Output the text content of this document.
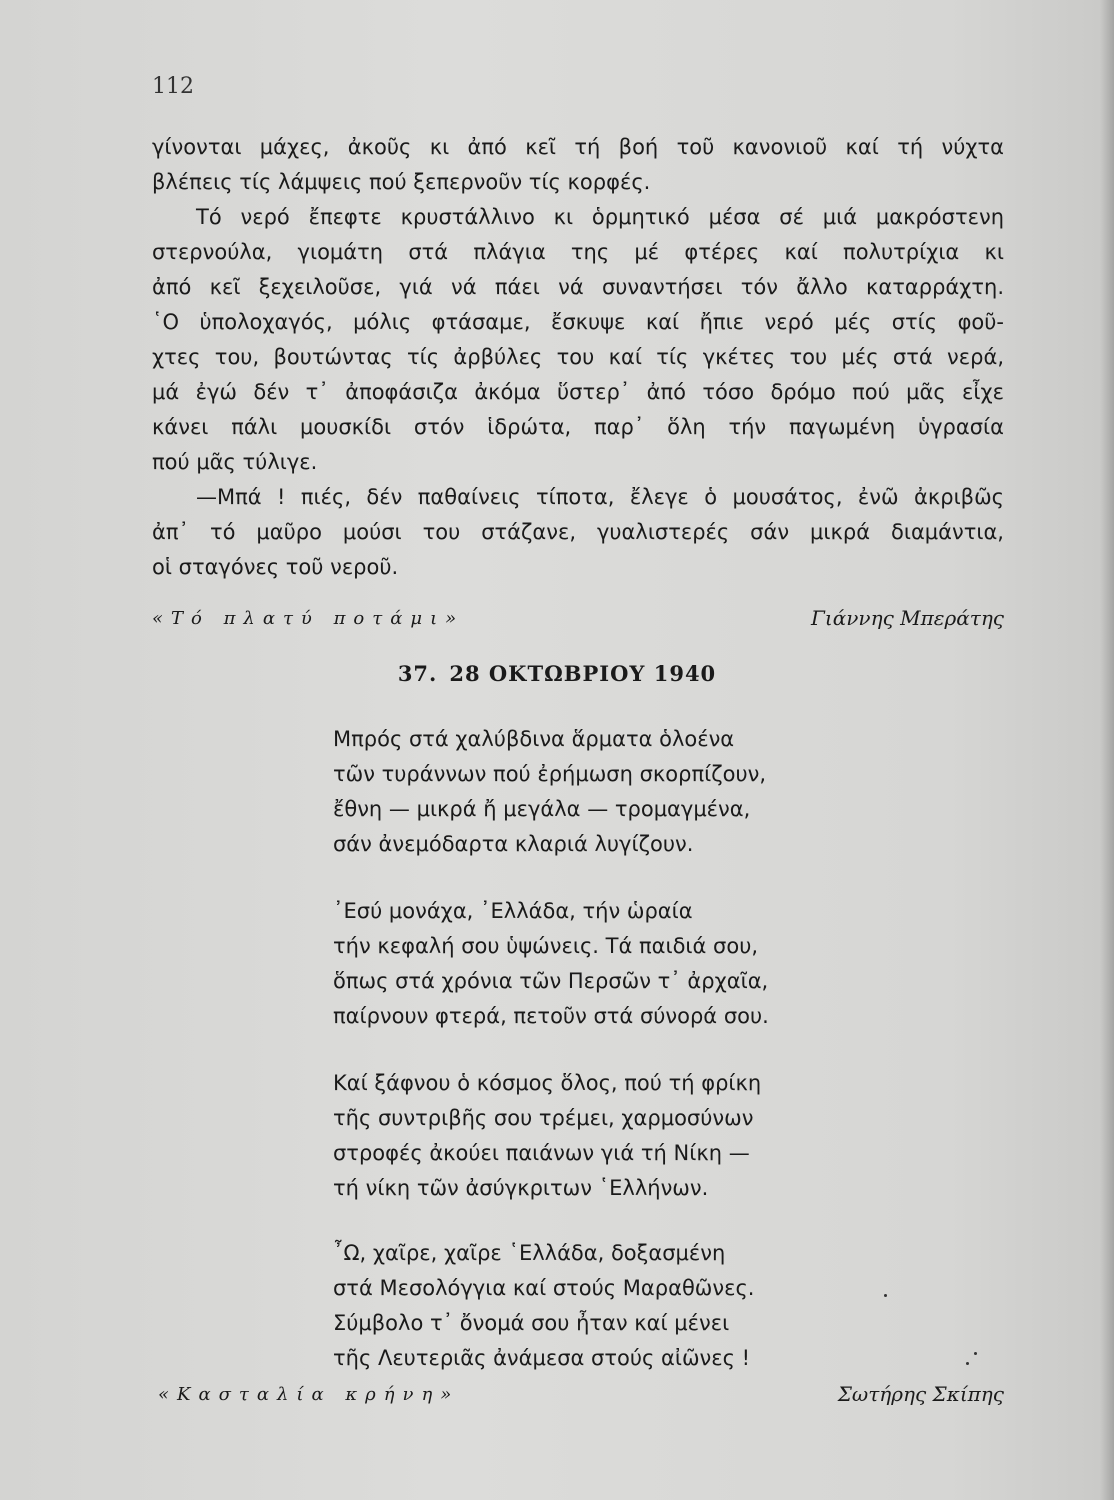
112

γίνονται μάχες, ἀκοῦς κι ἀπό κεῖ τή βοή τοῦ κανονιοῦ καί τή νύχτα
βλέπεις τίς λάμψεις πού ξεπερνοῦν τίς κορφές.

Τό νερό ἔπεφτε κρυστάλλινο κι ὁρμητικό μέσα σέ μιά μακρόστενη
στερνούλα, γιομάτη στά πλάγια της μέ φτέρες καί πολυτρίχια κι
ἀπό κεῖ ξεχειλοῦσε, γιά νά πάει νά συναντήσει τόν ἄλλο καταρράχτη.
῾Ο ὑπολοχαγός, μόλις φτάσαμε, ἔσκυψε καί ἤπιε νερό μές στίς φοῦ-
χτες του, βουτώντας τίς ἀρβύλες του καί τίς γκέτες του μές στά νερά,
μά ἐγώ δέν τ᾽ ἀποφάσιζα ἀκόμα ὕστερ᾽ ἀπό τόσο δρόμο πού μᾶς εἶχε
κάνει πάλι μουσκίδι στόν ἱδρώτα, παρ᾽ ὅλη τήν παγωμένη ὑγρασία
πού μᾶς τύλιγε.

—Μπά ! πιές, δέν παθαίνεις τίποτα, ἔλεγε ὁ μουσάτος, ἐνῶ ἀκριβῶς
ἀπ᾽ τό μαῦρο μούσι του στάζανε, γυαλιστερές σάν μικρά διαμάντια,
οἱ σταγόνες τοῦ νεροῦ.

«Τό πλατύ ποτάμι»	Γιάννης Μπεράτης
37. 28 ΟΚΤΩΒΡΙΟΥ 1940
Μπρός στά χαλύβδινα ἅρματα ὁλοένα
τῶν τυράννων πού ἐρήμωση σκορπίζουν,
ἔθνη — μικρά ἤ μεγάλα — τρομαγμένα,
σάν ἀνεμόδαρτα κλαριά λυγίζουν.
᾽Εσύ μονάχα, ᾽Ελλάδα, τήν ὡραία
τήν κεφαλή σου ὑψώνεις. Τά παιδιά σου,
ὅπως στά χρόνια τῶν Περσῶν τ᾽ ἀρχαῖα,
παίρνουν φτερά, πετοῦν στά σύνορά σου.
Καί ξάφνου ὁ κόσμος ὅλος, πού τή φρίκη
τῆς συντριβῆς σου τρέμει, χαρμοσύνων
στροφές ἀκούει παιάνων γιά τή Νίκη —
τή νίκη τῶν ἀσύγκριτων ῾Ελλήνων.
῏Ω, χαῖρε, χαῖρε ῾Ελλάδα, δοξασμένη
στά Μεσολόγγια καί στούς Μαραθῶνες.
Σύμβολο τ᾽ ὄνομά σου ἦταν καί μένει
τῆς Λευτεριᾶς ἀνάμεσα στούς αἰῶνες !
«Κασταλία κρήνη»	Σωτήρης Σκίπης
